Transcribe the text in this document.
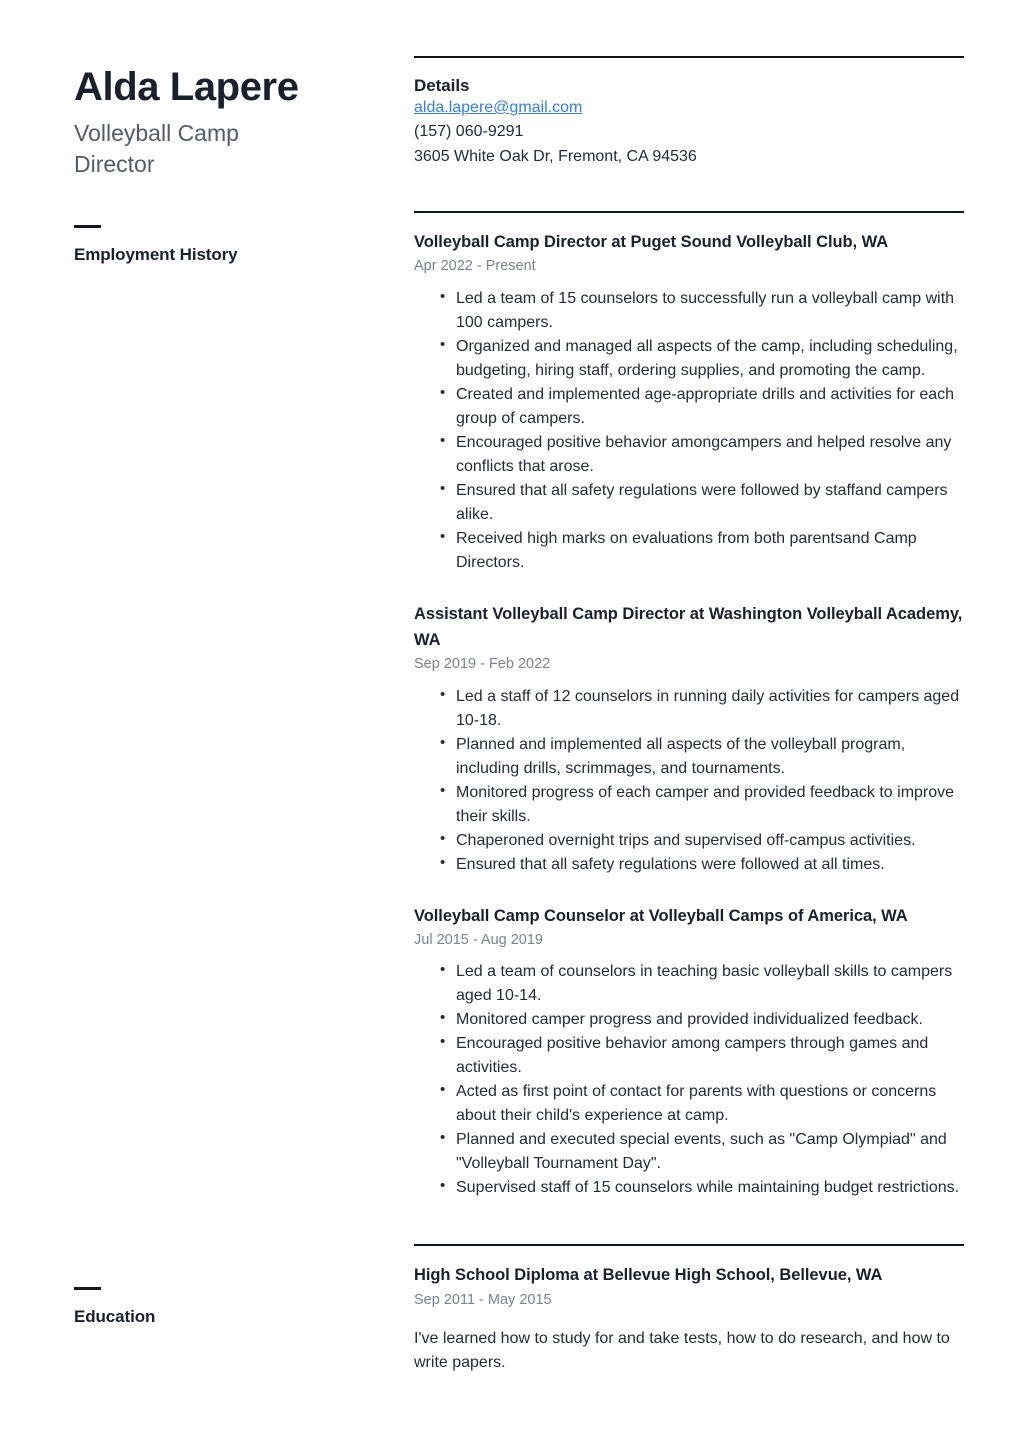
Alda Lapere
Volleyball Camp Director
Employment History
Education
Details
alda.lapere@gmail.com
(157) 060-9291
3605 White Oak Dr, Fremont, CA 94536
Volleyball Camp Director at Puget Sound Volleyball Club, WA
Apr 2022 - Present
• Led a team of 15 counselors to successfully run a volleyball camp with 100 campers.
• Organized and managed all aspects of the camp, including scheduling, budgeting, hiring staff, ordering supplies, and promoting the camp.
• Created and implemented age-appropriate drills and activities for each group of campers.
• Encouraged positive behavior amongcampers and helped resolve any conflicts that arose.
• Ensured that all safety regulations were followed by staffand campers alike.
• Received high marks on evaluations from both parentsand Camp Directors.
Assistant Volleyball Camp Director at Washington Volleyball Academy, WA
Sep 2019 - Feb 2022
• Led a staff of 12 counselors in running daily activities for campers aged 10-18.
• Planned and implemented all aspects of the volleyball program, including drills, scrimmages, and tournaments.
• Monitored progress of each camper and provided feedback to improve their skills.
• Chaperoned overnight trips and supervised off-campus activities.
• Ensured that all safety regulations were followed at all times.
Volleyball Camp Counselor at Volleyball Camps of America, WA
Jul 2015 - Aug 2019
• Led a team of counselors in teaching basic volleyball skills to campers aged 10-14.
• Monitored camper progress and provided individualized feedback.
• Encouraged positive behavior among campers through games and activities.
• Acted as first point of contact for parents with questions or concerns about their child's experience at camp.
• Planned and executed special events, such as "Camp Olympiad" and "Volleyball Tournament Day".
• Supervised staff of 15 counselors while maintaining budget restrictions.
High School Diploma at Bellevue High School, Bellevue, WA
Sep 2011 - May 2015
I've learned how to study for and take tests, how to do research, and how to write papers.
